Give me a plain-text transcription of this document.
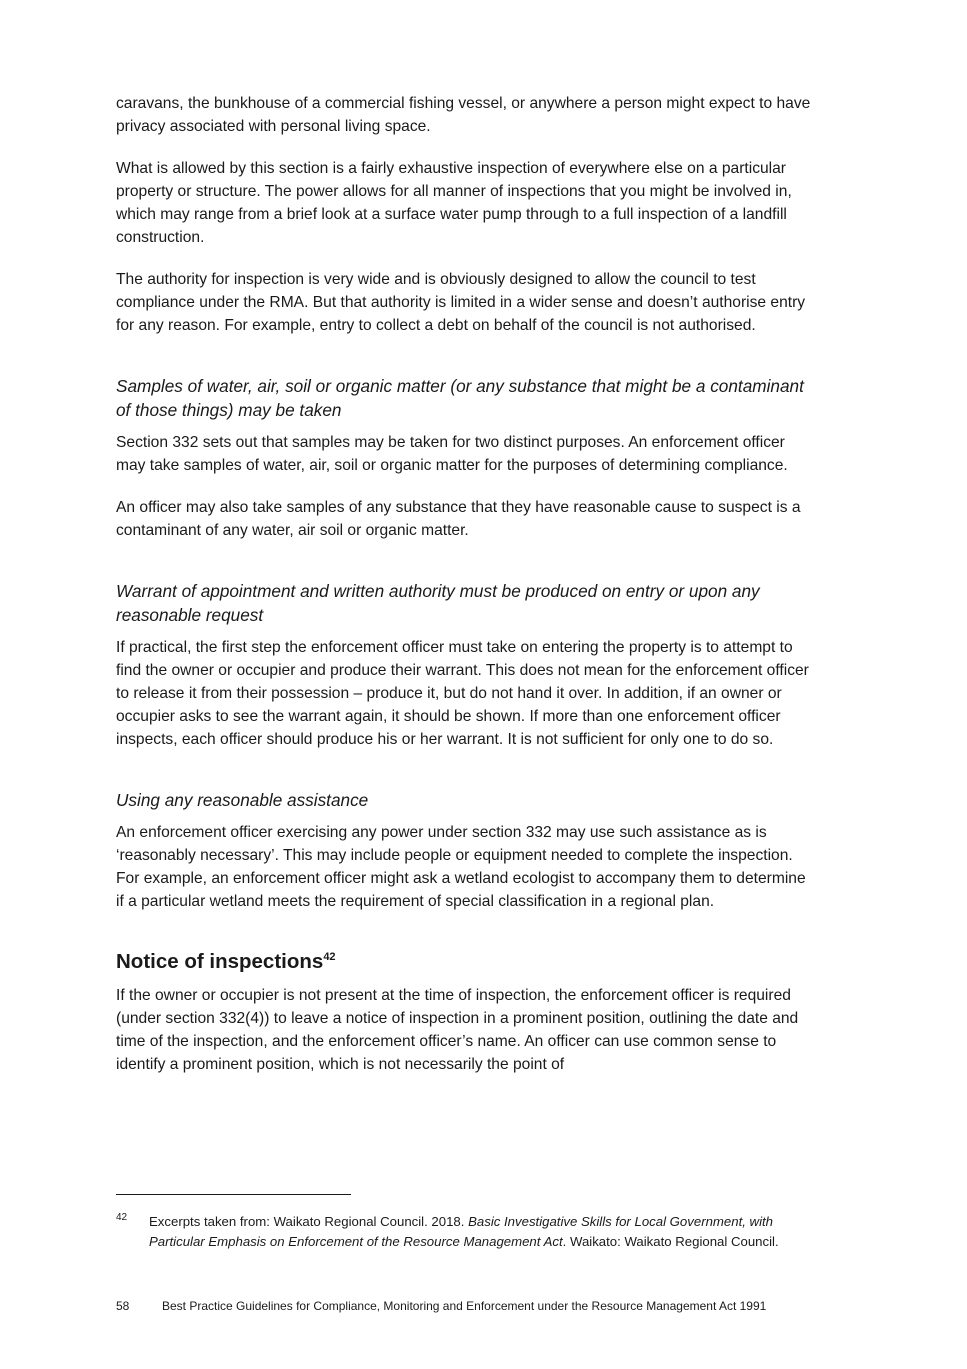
caravans, the bunkhouse of a commercial fishing vessel, or anywhere a person might expect to have privacy associated with personal living space.

What is allowed by this section is a fairly exhaustive inspection of everywhere else on a particular property or structure. The power allows for all manner of inspections that you might be involved in, which may range from a brief look at a surface water pump through to a full inspection of a landfill construction.

The authority for inspection is very wide and is obviously designed to allow the council to test compliance under the RMA. But that authority is limited in a wider sense and doesn’t authorise entry for any reason. For example, entry to collect a debt on behalf of the council is not authorised.

Samples of water, air, soil or organic matter (or any substance that might be a contaminant of those things) may be taken

Section 332 sets out that samples may be taken for two distinct purposes. An enforcement officer may take samples of water, air, soil or organic matter for the purposes of determining compliance.

An officer may also take samples of any substance that they have reasonable cause to suspect is a contaminant of any water, air soil or organic matter.

Warrant of appointment and written authority must be produced on entry or upon any reasonable request

If practical, the first step the enforcement officer must take on entering the property is to attempt to find the owner or occupier and produce their warrant. This does not mean for the enforcement officer to release it from their possession – produce it, but do not hand it over. In addition, if an owner or occupier asks to see the warrant again, it should be shown. If more than one enforcement officer inspects, each officer should produce his or her warrant. It is not sufficient for only one to do so.

Using any reasonable assistance

An enforcement officer exercising any power under section 332 may use such assistance as is ‘reasonably necessary’. This may include people or equipment needed to complete the inspection. For example, an enforcement officer might ask a wetland ecologist to accompany them to determine if a particular wetland meets the requirement of special classification in a regional plan.

Notice of inspections$^{42}$

If the owner or occupier is not present at the time of inspection, the enforcement officer is required (under section 332(4)) to leave a notice of inspection in a prominent position, outlining the date and time of the inspection, and the enforcement officer’s name. An officer can use common sense to identify a prominent position, which is not necessarily the point of

42 Excerpts taken from: Waikato Regional Council. 2018. Basic Investigative Skills for Local Government, with Particular Emphasis on Enforcement of the Resource Management Act. Waikato: Waikato Regional Council.
58	Best Practice Guidelines for Compliance, Monitoring and Enforcement under the Resource Management Act 1991
